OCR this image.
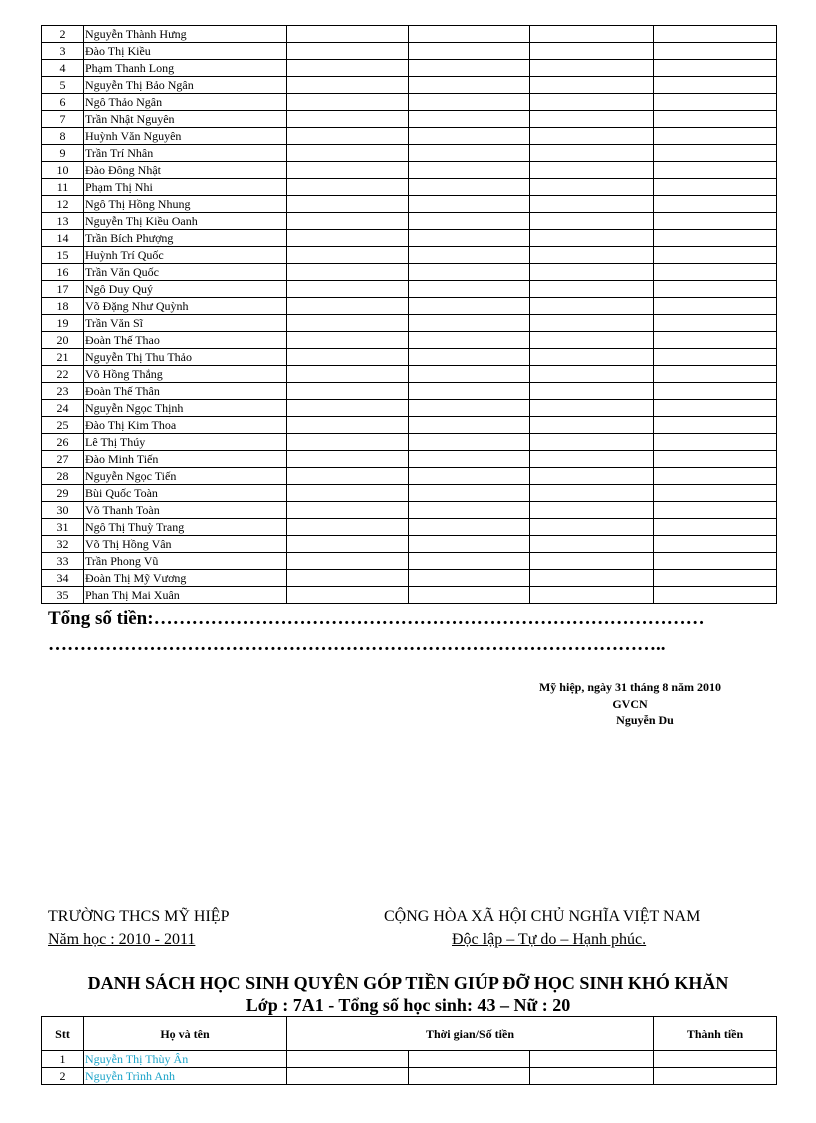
2	Nguyễn Thành Hưng				
3	Đào Thị Kiều				
4	Phạm Thanh Long				
5	Nguyễn Thị Bảo Ngân				
6	Ngô Thảo Ngân				
7	Trần Nhật Nguyên				
8	Huỳnh Văn Nguyên				
9	Trần Trí Nhân				
10	Đào Đông Nhật				
11	Phạm Thị Nhi				
12	Ngô Thị Hồng Nhung				
13	Nguyễn Thị Kiều Oanh				
14	Trần Bích Phượng				
15	Huỳnh Trí Quốc				
16	Trần Văn Quốc				
17	Ngô Duy Quý				
18	Võ Đặng Như Quỳnh				
19	Trần Văn Sĩ				
20	Đoàn Thế Thao				
21	Nguyễn Thị Thu Thảo				
22	Võ Hồng Thắng				
23	Đoàn Thế Thân				
24	Nguyễn Ngọc Thịnh				
25	Đào Thị Kim Thoa				
26	Lê Thị Thúy				
27	Đào Minh Tiến				
28	Nguyễn Ngọc Tiến				
29	Bùi Quốc Toàn				
30	Võ Thanh Toàn				
31	Ngô Thị Thuỳ Trang				
32	Võ Thị Hồng Vân				
33	Trần Phong Vũ				
34	Đoàn Thị Mỹ Vương				
35	Phan Thị Mai Xuân				
Tổng số tiền:……………………………………………………………………………
……………………………………………………………………………………..
Mỹ hiệp, ngày 31 tháng 8 năm 2010
GVCN
Nguyễn Du
TRƯỜNG THCS MỸ HIỆP
Năm học : 2010 - 2011
CỘNG HÒA XÃ HỘI CHỦ NGHĨA VIỆT NAM
Độc lập – Tự do – Hạnh phúc.
DANH SÁCH HỌC SINH QUYÊN GÓP TIỀN GIÚP ĐỠ HỌC SINH KHÓ KHĂN
Lớp : 7A1 - Tổng số học sinh: 43 – Nữ : 20
Stt	Họ và tên	Thời gian/Số tiền			Thành tiền
1	Nguyễn Thị Thùy Ân				
2	Nguyễn Trình Anh				
